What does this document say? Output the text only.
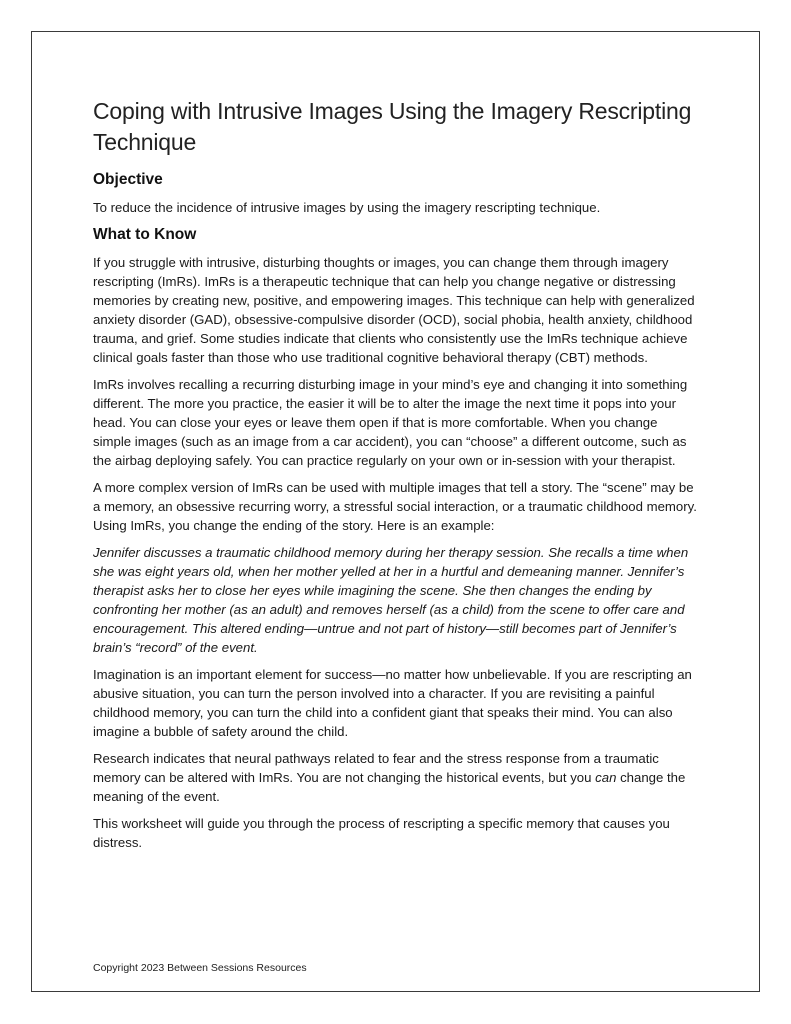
Coping with Intrusive Images Using the Imagery Rescripting Technique
Objective

To reduce the incidence of intrusive images by using the imagery rescripting technique.

What to Know

If you struggle with intrusive, disturbing thoughts or images, you can change them through imagery rescripting (ImRs). ImRs is a therapeutic technique that can help you change negative or distressing memories by creating new, positive, and empowering images. This technique can help with generalized anxiety disorder (GAD), obsessive-compulsive disorder (OCD), social phobia, health anxiety, childhood trauma, and grief. Some studies indicate that clients who consistently use the ImRs technique achieve clinical goals faster than those who use traditional cognitive behavioral therapy (CBT) methods.

ImRs involves recalling a recurring disturbing image in your mind’s eye and changing it into something different. The more you practice, the easier it will be to alter the image the next time it pops into your head. You can close your eyes or leave them open if that is more comfortable. When you change simple images (such as an image from a car accident), you can “choose” a different outcome, such as the airbag deploying safely. You can practice regularly on your own or in-session with your therapist.

A more complex version of ImRs can be used with multiple images that tell a story. The “scene” may be a memory, an obsessive recurring worry, a stressful social interaction, or a traumatic childhood memory. Using ImRs, you change the ending of the story. Here is an example:

Jennifer discusses a traumatic childhood memory during her therapy session. She recalls a time when she was eight years old, when her mother yelled at her in a hurtful and demeaning manner. Jennifer’s therapist asks her to close her eyes while imagining the scene. She then changes the ending by confronting her mother (as an adult) and removes herself (as a child) from the scene to offer care and encouragement. This altered ending—untrue and not part of history—still becomes part of Jennifer’s brain’s “record” of the event.

Imagination is an important element for success—no matter how unbelievable. If you are rescripting an abusive situation, you can turn the person involved into a character. If you are revisiting a painful childhood memory, you can turn the child into a confident giant that speaks their mind. You can also imagine a bubble of safety around the child.

Research indicates that neural pathways related to fear and the stress response from a traumatic memory can be altered with ImRs. You are not changing the historical events, but you can change the meaning of the event.

This worksheet will guide you through the process of rescripting a specific memory that causes you distress.

Copyright 2023 Between Sessions Resources
